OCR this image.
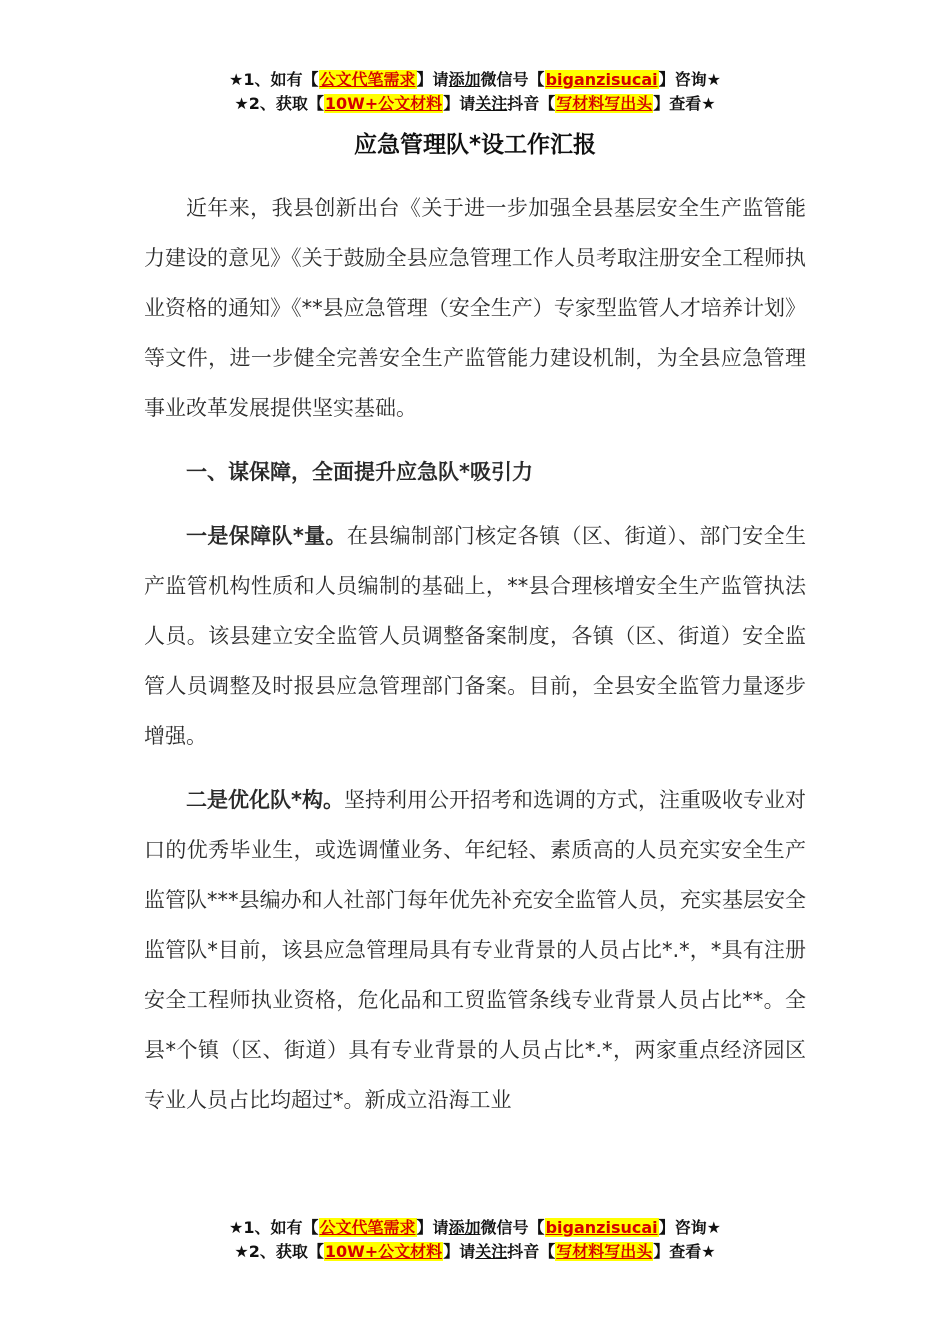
★1、如有【公文代笔需求】请添加微信号【biganzisucai】咨询★
★2、获取【10W+公文材料】请关注抖音【写材料写出头】查看★
应急管理队*设工作汇报

近年来，我县创新出台《关于进一步加强全县基层安全生产监管能力建设的意见》《关于鼓励全县应急管理工作人员考取注册安全工程师执业资格的通知》《**县应急管理（安全生产）专家型监管人才培养计划》等文件，进一步健全完善安全生产监管能力建设机制，为全县应急管理事业改革发展提供坚实基础。

一、谋保障，全面提升应急队*吸引力

一是保障队*量。在县编制部门核定各镇（区、街道）、部门安全生产监管机构性质和人员编制的基础上，**县合理核增安全生产监管执法人员。该县建立安全监管人员调整备案制度，各镇（区、街道）安全监管人员调整及时报县应急管理部门备案。目前，全县安全监管力量逐步增强。

二是优化队*构。坚持利用公开招考和选调的方式，注重吸收专业对口的优秀毕业生，或选调懂业务、年纪轻、素质高的人员充实安全生产监管队***县编办和人社部门每年优先补充安全监管人员，充实基层安全监管队*目前，该县应急管理局具有专业背景的人员占比*.*，*具有注册安全工程师执业资格，危化品和工贸监管条线专业背景人员占比**。全县*个镇（区、街道）具有专业背景的人员占比*.*，两家重点经济园区专业人员占比均超过*。新成立沿海工业

★1、如有【公文代笔需求】请添加微信号【biganzisucai】咨询★
★2、获取【10W+公文材料】请关注抖音【写材料写出头】查看★
